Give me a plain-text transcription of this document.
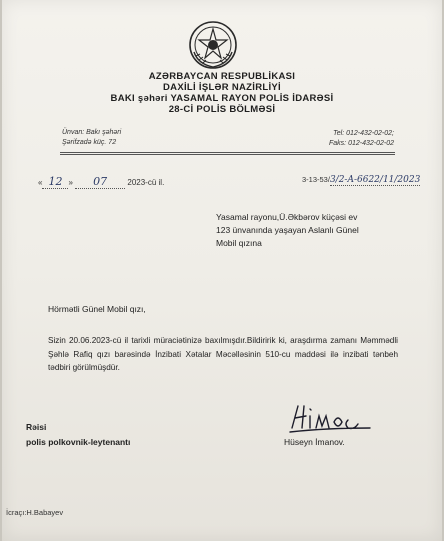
AZƏRBAYCAN RESPUBLİKASI
DAXİLİ İŞLƏR NAZİRLİYİ
BAKI şəhəri YASAMAL RAYON POLİS İDARƏSİ
28-Cİ POLİS BÖLMƏSİ
Ünvan: Bakı şəhəri
Şərifzadə küç. 72
Tel: 012-432-02-02;
Faks: 012-432-02-02
« 12 » 07	2023-cü il.	3-13-53/3/2-A-6622/11/2023
Yasamal rayonu,Ü.Əkbərov küçəsi ev
123 ünvanında yaşayan Aslanlı Günel
Mobil qızına
Hörmətli Günel Mobil qızı,
Sizin 20.06.2023-cü il tarixli müraciətinizə baxılmışdır.Bildiririk ki, araşdırma zamanı Məmmədli Şəhlə Rafiq qızı barəsində İnzibati Xətalar Məcəlləsinin 510-cu maddəsi ilə inzibati tənbeh tədbiri görülmüşdür.
Rəisi
polis polkovnik-leytenantı	Hüseyn İmanov.
İcraçı:H.Babayev
